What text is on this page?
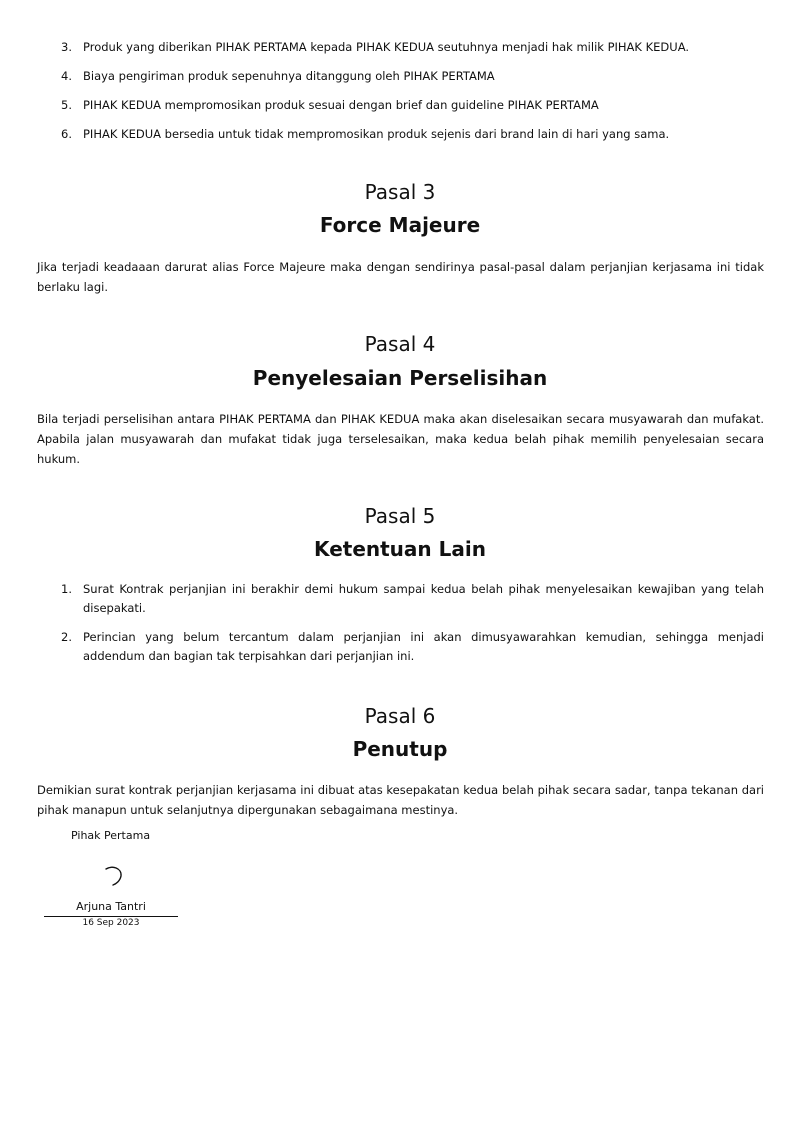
3. Produk yang diberikan PIHAK PERTAMA kepada PIHAK KEDUA seutuhnya menjadi hak milik PIHAK KEDUA.
4. Biaya pengiriman produk sepenuhnya ditanggung oleh PIHAK PERTAMA
5. PIHAK KEDUA mempromosikan produk sesuai dengan brief dan guideline PIHAK PERTAMA
6. PIHAK KEDUA bersedia untuk tidak mempromosikan produk sejenis dari brand lain di hari yang sama.
Pasal 3
Force Majeure

Jika terjadi keadaaan darurat alias Force Majeure maka dengan sendirinya pasal-pasal dalam perjanjian kerjasama ini tidak berlaku lagi.

Pasal 4
Penyelesaian Perselisihan

Bila terjadi perselisihan antara PIHAK PERTAMA dan PIHAK KEDUA maka akan diselesaikan secara musyawarah dan mufakat. Apabila jalan musyawarah dan mufakat tidak juga terselesaikan, maka kedua belah pihak memilih penyelesaian secara hukum.

Pasal 5
Ketentuan Lain
1. Surat Kontrak perjanjian ini berakhir demi hukum sampai kedua belah pihak menyelesaikan kewajiban yang telah disepakati.
2. Perincian yang belum tercantum dalam perjanjian ini akan dimusyawarahkan kemudian, sehingga menjadi addendum dan bagian tak terpisahkan dari perjanjian ini.
Pasal 6
Penutup

Demikian surat kontrak perjanjian kerjasama ini dibuat atas kesepakatan kedua belah pihak secara sadar, tanpa tekanan dari pihak manapun untuk selanjutnya dipergunakan sebagaimana mestinya.

Pihak Pertama
Arjuna Tantri
16 Sep 2023
